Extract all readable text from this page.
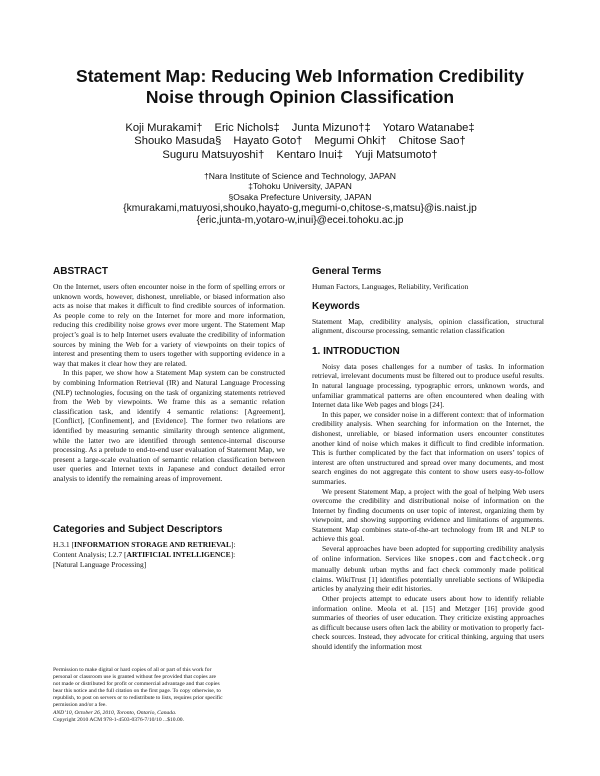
Statement Map: Reducing Web Information Credibility
Noise through Opinion Classification
Koji Murakami† Eric Nichols‡ Junta Mizuno†‡ Yotaro Watanabe‡
Shouko Masuda§ Hayato Goto† Megumi Ohki† Chitose Sao†
Suguru Matsuyoshi† Kentaro Inui‡ Yuji Matsumoto†
†Nara Institute of Science and Technology, JAPAN
‡Tohoku University, JAPAN
§Osaka Prefecture University, JAPAN
{kmurakami,matuyosi,shouko,hayato-g,megumi-o,chitose-s,matsu}@is.naist.jp
{eric,junta-m,yotaro-w,inui}@ecei.tohoku.ac.jp
ABSTRACT

On the Internet, users often encounter noise in the form of spelling errors or unknown words, however, dishonest, unreliable, or biased information also acts as noise that makes it difficult to find credible sources of information. As people come to rely on the Internet for more and more information, reducing this credibility noise grows ever more urgent. The Statement Map project’s goal is to help Internet users evaluate the credibility of information sources by mining the Web for a variety of viewpoints on their topics of interest and presenting them to users together with supporting evidence in a way that makes it clear how they are related.

In this paper, we show how a Statement Map system can be constructed by combining Information Retrieval (IR) and Natural Language Processing (NLP) technologies, focusing on the task of organizing statements retrieved from the Web by viewpoints. We frame this as a semantic relation classification task, and identify 4 semantic relations: [Agreement], [Conflict], [Confinement], and [Evidence]. The former two relations are identified by measuring semantic similarity through sentence alignment, while the latter two are identified through sentence-internal discourse processing. As a prelude to end-to-end user evaluation of Statement Map, we present a large-scale evaluation of semantic relation classification between user queries and Internet texts in Japanese and conduct detailed error analysis to identify the remaining areas of improvement.

Categories and Subject Descriptors
H.3.1 [INFORMATION STORAGE AND RETRIEVAL]:
Content Analysis; I.2.7 [ARTIFICIAL INTELLIGENCE]:
[Natural Language Processing]
Permission to make digital or hard copies of all or part of this work for
personal or classroom use is granted without fee provided that copies are
not made or distributed for profit or commercial advantage and that copies
bear this notice and the full citation on the first page. To copy otherwise, to
republish, to post on servers or to redistribute to lists, requires prior specific
permission and/or a fee.
AND’10, October 26, 2010, Toronto, Ontario, Canada.
Copyright 2010 ACM 978-1-4503-0376-7/10/10 ...$10.00.
General Terms

Human Factors, Languages, Reliability, Verification

Keywords

Statement Map, credibility analysis, opinion classification, structural alignment, discourse processing, semantic relation classification

1. INTRODUCTION

Noisy data poses challenges for a number of tasks. In information retrieval, irrelevant documents must be filtered out to produce useful results. In natural language processing, typographic errors, unknown words, and unfamiliar grammatical patterns are often encountered when dealing with Internet data like Web pages and blogs [24].

In this paper, we consider noise in a different context: that of information credibility analysis. When searching for information on the Internet, the dishonest, unreliable, or biased information users encounter constitutes another kind of noise which makes it difficult to find credible information. This is further complicated by the fact that information on users’ topics of interest are often unstructured and spread over many documents, and most search engines do not aggregate this content to show users easy-to-follow summaries.

We present Statement Map, a project with the goal of helping Web users overcome the credibility and distributional noise of information on the Internet by finding documents on user topic of interest, organizing them by viewpoint, and showing supporting evidence and limitations of arguments. Statement Map combines state-of-the-art technology from IR and NLP to achieve this goal.

Several approaches have been adopted for supporting credibility analysis of online information. Services like snopes.com and factcheck.org manually debunk urban myths and fact check commonly made political claims. WikiTrust [1] identifies potentially unreliable sections of Wikipedia articles by analyzing their edit histories.

Other projects attempt to educate users about how to identify reliable information online. Meola et al. [15] and Metzger [16] provide good summaries of theories of user education. They criticize existing approaches as difficult because users often lack the ability or motivation to properly fact-check sources. Instead, they advocate for critical thinking, arguing that users should identify the information most
